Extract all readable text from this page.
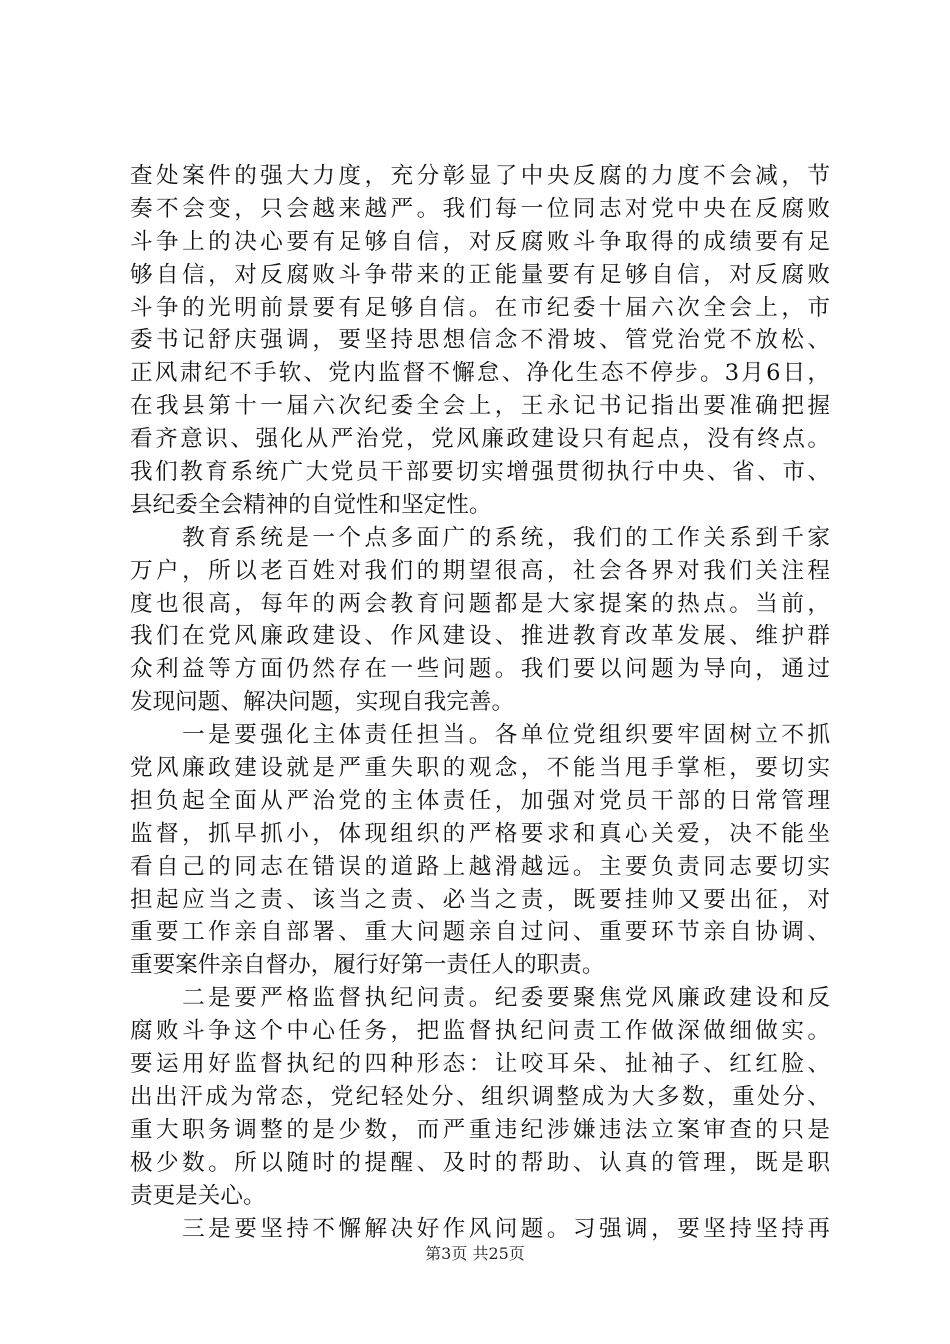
查处案件的强大力度，充分彰显了中央反腐的力度不会减，节
奏不会变，只会越来越严。我们每一位同志对党中央在反腐败
斗争上的决心要有足够自信，对反腐败斗争取得的成绩要有足
够自信，对反腐败斗争带来的正能量要有足够自信，对反腐败
斗争的光明前景要有足够自信。在市纪委十届六次全会上，市
委书记舒庆强调，要坚持思想信念不滑坡、管党治党不放松、
正风肃纪不手软、党内监督不懈怠、净化生态不停步。3月6日，
在我县第十一届六次纪委全会上，王永记书记指出要准确把握
看齐意识、强化从严治党，党风廉政建设只有起点，没有终点。
我们教育系统广大党员干部要切实增强贯彻执行中央、省、市、
县纪委全会精神的自觉性和坚定性。
　　教育系统是一个点多面广的系统，我们的工作关系到千家
万户，所以老百姓对我们的期望很高，社会各界对我们关注程
度也很高，每年的两会教育问题都是大家提案的热点。当前，
我们在党风廉政建设、作风建设、推进教育改革发展、维护群
众利益等方面仍然存在一些问题。我们要以问题为导向，通过
发现问题、解决问题，实现自我完善。
　　一是要强化主体责任担当。各单位党组织要牢固树立不抓
党风廉政建设就是严重失职的观念，不能当甩手掌柜，要切实
担负起全面从严治党的主体责任，加强对党员干部的日常管理
监督，抓早抓小，体现组织的严格要求和真心关爱，决不能坐
看自己的同志在错误的道路上越滑越远。主要负责同志要切实
担起应当之责、该当之责、必当之责，既要挂帅又要出征，对
重要工作亲自部署、重大问题亲自过问、重要环节亲自协调、
重要案件亲自督办，履行好第一责任人的职责。
　　二是要严格监督执纪问责。纪委要聚焦党风廉政建设和反
腐败斗争这个中心任务，把监督执纪问责工作做深做细做实。
要运用好监督执纪的四种形态：让咬耳朵、扯袖子、红红脸、
出出汗成为常态，党纪轻处分、组织调整成为大多数，重处分、
重大职务调整的是少数，而严重违纪涉嫌违法立案审查的只是
极少数。所以随时的提醒、及时的帮助、认真的管理，既是职
责更是关心。
　　三是要坚持不懈解决好作风问题。习强调，要坚持坚持再
第3页 共25页
